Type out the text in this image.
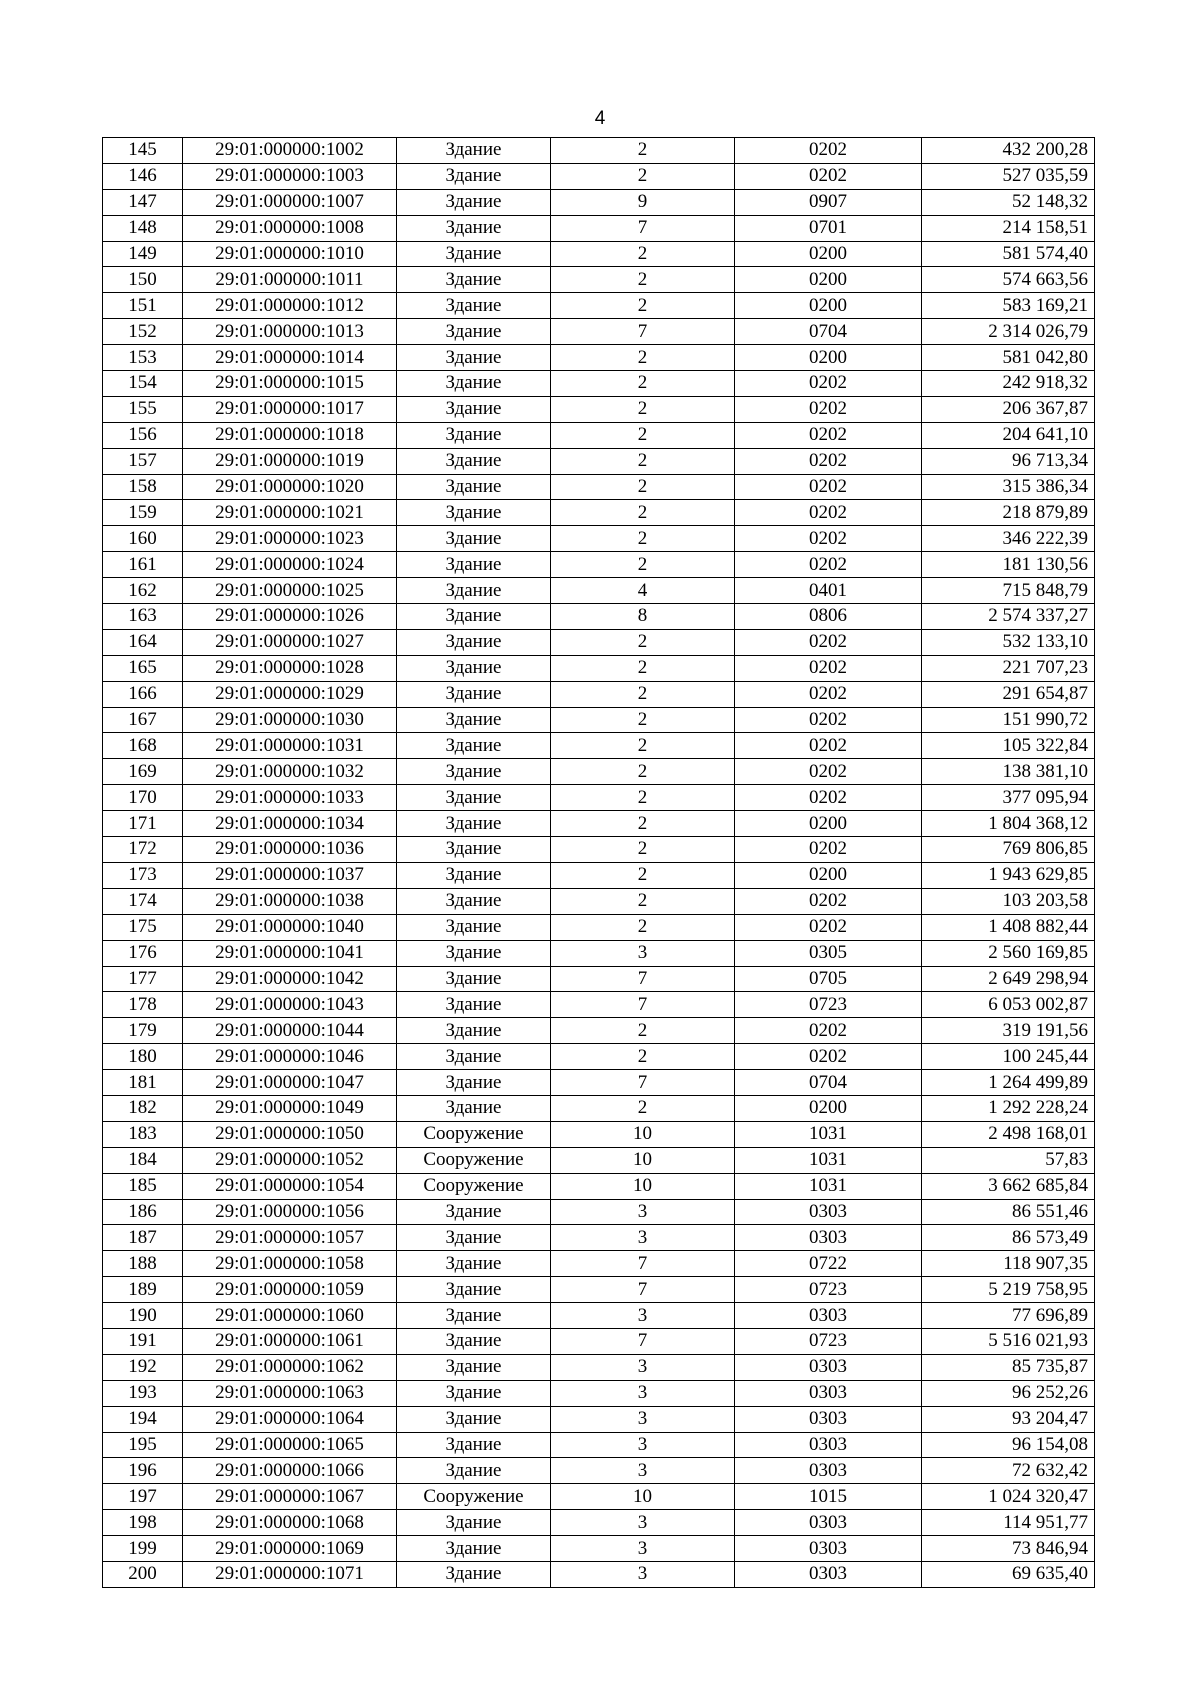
4
145	29:01:000000:1002	Здание	2	0202	432 200,28
146	29:01:000000:1003	Здание	2	0202	527 035,59
147	29:01:000000:1007	Здание	9	0907	52 148,32
148	29:01:000000:1008	Здание	7	0701	214 158,51
149	29:01:000000:1010	Здание	2	0200	581 574,40
150	29:01:000000:1011	Здание	2	0200	574 663,56
151	29:01:000000:1012	Здание	2	0200	583 169,21
152	29:01:000000:1013	Здание	7	0704	2 314 026,79
153	29:01:000000:1014	Здание	2	0200	581 042,80
154	29:01:000000:1015	Здание	2	0202	242 918,32
155	29:01:000000:1017	Здание	2	0202	206 367,87
156	29:01:000000:1018	Здание	2	0202	204 641,10
157	29:01:000000:1019	Здание	2	0202	96 713,34
158	29:01:000000:1020	Здание	2	0202	315 386,34
159	29:01:000000:1021	Здание	2	0202	218 879,89
160	29:01:000000:1023	Здание	2	0202	346 222,39
161	29:01:000000:1024	Здание	2	0202	181 130,56
162	29:01:000000:1025	Здание	4	0401	715 848,79
163	29:01:000000:1026	Здание	8	0806	2 574 337,27
164	29:01:000000:1027	Здание	2	0202	532 133,10
165	29:01:000000:1028	Здание	2	0202	221 707,23
166	29:01:000000:1029	Здание	2	0202	291 654,87
167	29:01:000000:1030	Здание	2	0202	151 990,72
168	29:01:000000:1031	Здание	2	0202	105 322,84
169	29:01:000000:1032	Здание	2	0202	138 381,10
170	29:01:000000:1033	Здание	2	0202	377 095,94
171	29:01:000000:1034	Здание	2	0200	1 804 368,12
172	29:01:000000:1036	Здание	2	0202	769 806,85
173	29:01:000000:1037	Здание	2	0200	1 943 629,85
174	29:01:000000:1038	Здание	2	0202	103 203,58
175	29:01:000000:1040	Здание	2	0202	1 408 882,44
176	29:01:000000:1041	Здание	3	0305	2 560 169,85
177	29:01:000000:1042	Здание	7	0705	2 649 298,94
178	29:01:000000:1043	Здание	7	0723	6 053 002,87
179	29:01:000000:1044	Здание	2	0202	319 191,56
180	29:01:000000:1046	Здание	2	0202	100 245,44
181	29:01:000000:1047	Здание	7	0704	1 264 499,89
182	29:01:000000:1049	Здание	2	0200	1 292 228,24
183	29:01:000000:1050	Сооружение	10	1031	2 498 168,01
184	29:01:000000:1052	Сооружение	10	1031	57,83
185	29:01:000000:1054	Сооружение	10	1031	3 662 685,84
186	29:01:000000:1056	Здание	3	0303	86 551,46
187	29:01:000000:1057	Здание	3	0303	86 573,49
188	29:01:000000:1058	Здание	7	0722	118 907,35
189	29:01:000000:1059	Здание	7	0723	5 219 758,95
190	29:01:000000:1060	Здание	3	0303	77 696,89
191	29:01:000000:1061	Здание	7	0723	5 516 021,93
192	29:01:000000:1062	Здание	3	0303	85 735,87
193	29:01:000000:1063	Здание	3	0303	96 252,26
194	29:01:000000:1064	Здание	3	0303	93 204,47
195	29:01:000000:1065	Здание	3	0303	96 154,08
196	29:01:000000:1066	Здание	3	0303	72 632,42
197	29:01:000000:1067	Сооружение	10	1015	1 024 320,47
198	29:01:000000:1068	Здание	3	0303	114 951,77
199	29:01:000000:1069	Здание	3	0303	73 846,94
200	29:01:000000:1071	Здание	3	0303	69 635,40
